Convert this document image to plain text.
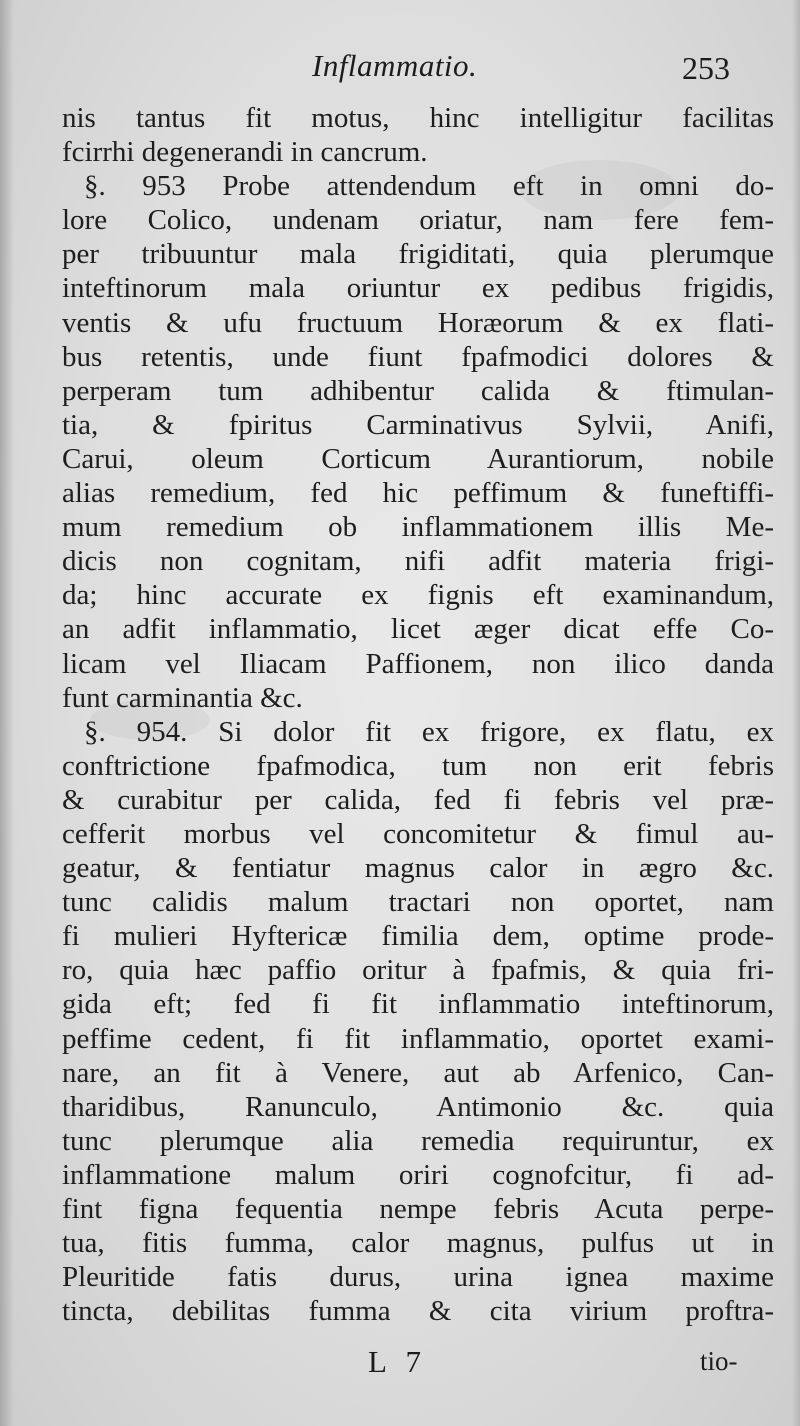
Inflammatio.	253
nis tantus fit motus, hinc intelligitur facilitas
fcirrhi degenerandi in cancrum.
§. 953 Probe attendendum eft in omni do-
lore Colico, undenam oriatur, nam fere fem-
per tribuuntur mala frigiditati, quia plerumque
inteftinorum mala oriuntur ex pedibus frigidis,
ventis & ufu fructuum Horæorum & ex flati-
bus retentis, unde fiunt fpafmodici dolores &
perperam tum adhibentur calida & ftimulan-
tia, & fpiritus Carminativus Sylvii, Anifi,
Carui, oleum Corticum Aurantiorum, nobile
alias remedium, fed hic peffimum & funeftiffi-
mum remedium ob inflammationem illis Me-
dicis non cognitam, nifi adfit materia frigi-
da; hinc accurate ex fignis eft examinandum,
an adfit inflammatio, licet æger dicat effe Co-
licam vel Iliacam Paffionem, non ilico danda
funt carminantia &c.
§. 954. Si dolor fit ex frigore, ex flatu, ex
conftrictione fpafmodica, tum non erit febris
& curabitur per calida, fed fi febris vel præ-
cefferit morbus vel concomitetur & fimul au-
geatur, & fentiatur magnus calor in ægro &c.
tunc calidis malum tractari non oportet, nam
fi mulieri Hyftericæ fimilia dem, optime prode-
ro, quia hæc paffio oritur à fpafmis, & quia fri-
gida eft; fed fi fit inflammatio inteftinorum,
peffime cedent, fi fit inflammatio, oportet exami-
nare, an fit à Venere, aut ab Arfenico, Can-
tharidibus, Ranunculo, Antimonio &c. quia
tunc plerumque alia remedia requiruntur, ex
inflammatione malum oriri cognofcitur, fi ad-
fint figna fequentia nempe febris Acuta perpe-
tua, fitis fumma, calor magnus, pulfus ut in
Pleuritide fatis durus, urina ignea maxime
tincta, debilitas fumma & cita virium proftra-
L 7	tio-
